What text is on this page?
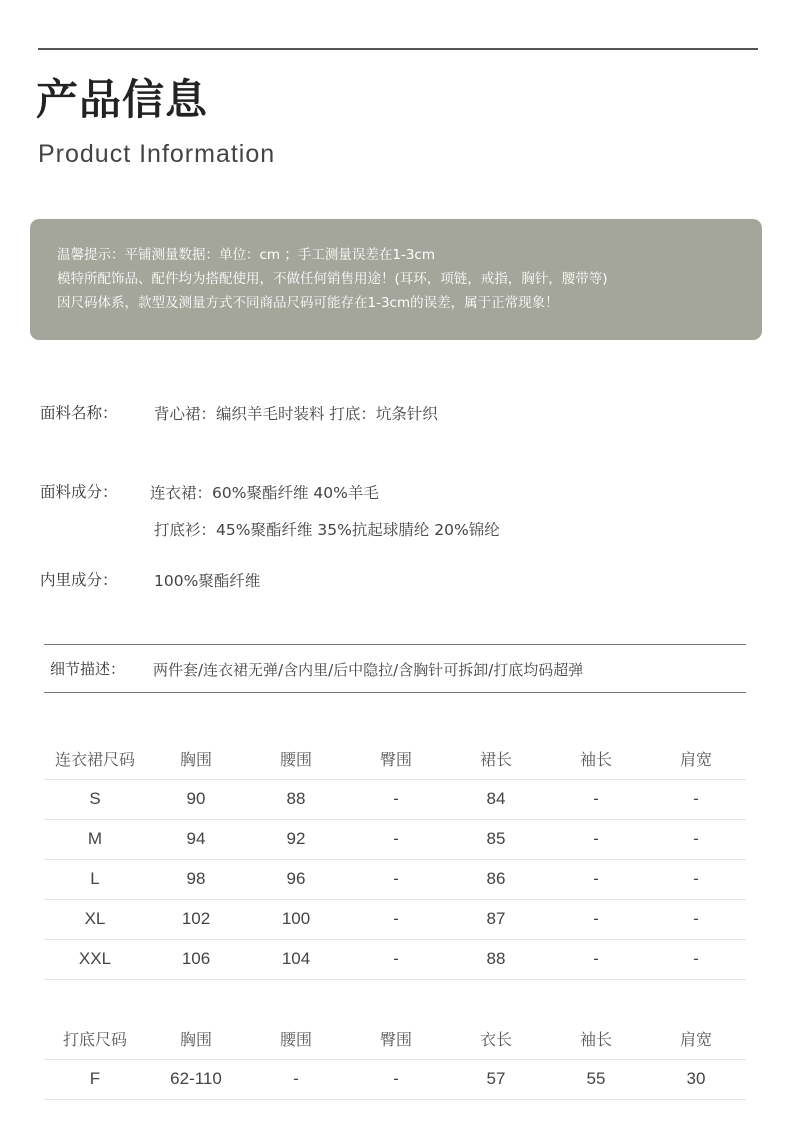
产品信息
Product Information
温馨提示：平铺测量数据：单位：cm ；手工测量误差在1-3cm
模特所配饰品、配件均为搭配使用，不做任何销售用途！(耳环，项链，戒指，胸针，腰带等)
因尺码体系，款型及测量方式不同商品尺码可能存在1-3cm的误差，属于正常现象！
面料名称： 背心裙：编织羊毛时装料 打底：坑条针织
面料成分： 连衣裙：60%聚酯纤维 40%羊毛
打底衫：45%聚酯纤维 35%抗起球腈纶 20%锦纶
内里成分： 100%聚酯纤维
细节描述： 两件套/连衣裙无弹/含内里/后中隐拉/含胸针可拆卸/打底均码超弹
连衣裙尺码	胸围	腰围	臀围	裙长	袖长	肩宽
S	90	88	-	84	-	-
M	94	92	-	85	-	-
L	98	96	-	86	-	-
XL	102	100	-	87	-	-
XXL	106	104	-	88	-	-
打底尺码	胸围	腰围	臀围	衣长	袖长	肩宽
F	62-110	-	-	57	55	30
